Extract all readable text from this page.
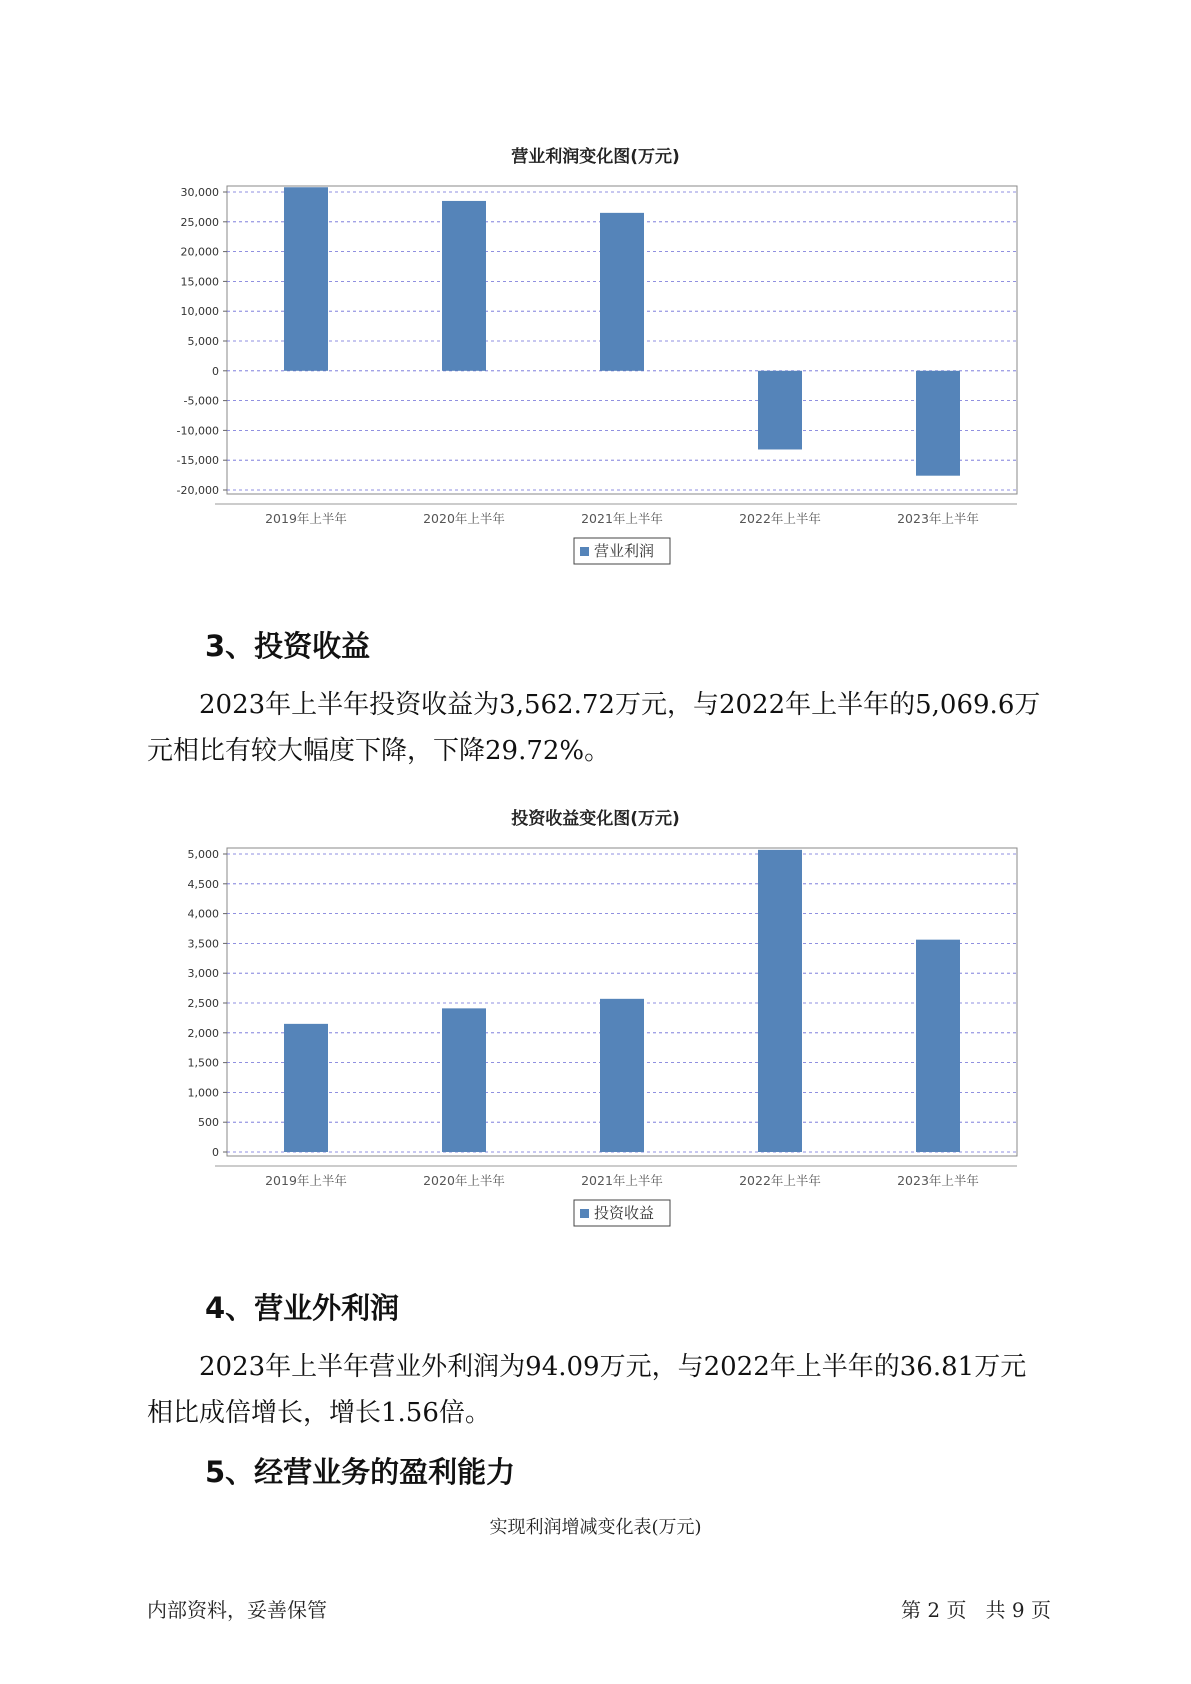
营业利润变化图(万元)
30,000
25,000
20,000
15,000
10,000
5,000
0
-5,000
-10,000
-15,000
-20,000
2019年上半年	2020年上半年	2021年上半年	2022年上半年	2023年上半年
营业利润
3、投资收益
2023年上半年投资收益为3,562.72万元，与2022年上半年的5,069.6万
元相比有较大幅度下降，下降29.72%。
投资收益变化图(万元)
5,000
4,500
4,000
3,500
3,000
2,500
2,000
1,500
1,000
500
0
2019年上半年	2020年上半年	2021年上半年	2022年上半年	2023年上半年
投资收益
4、营业外利润
2023年上半年营业外利润为94.09万元，与2022年上半年的36.81万元
相比成倍增长，增长1.56倍。
5、经营业务的盈利能力
实现利润增减变化表(万元)
内部资料，妥善保管	第 2 页   共 9 页
